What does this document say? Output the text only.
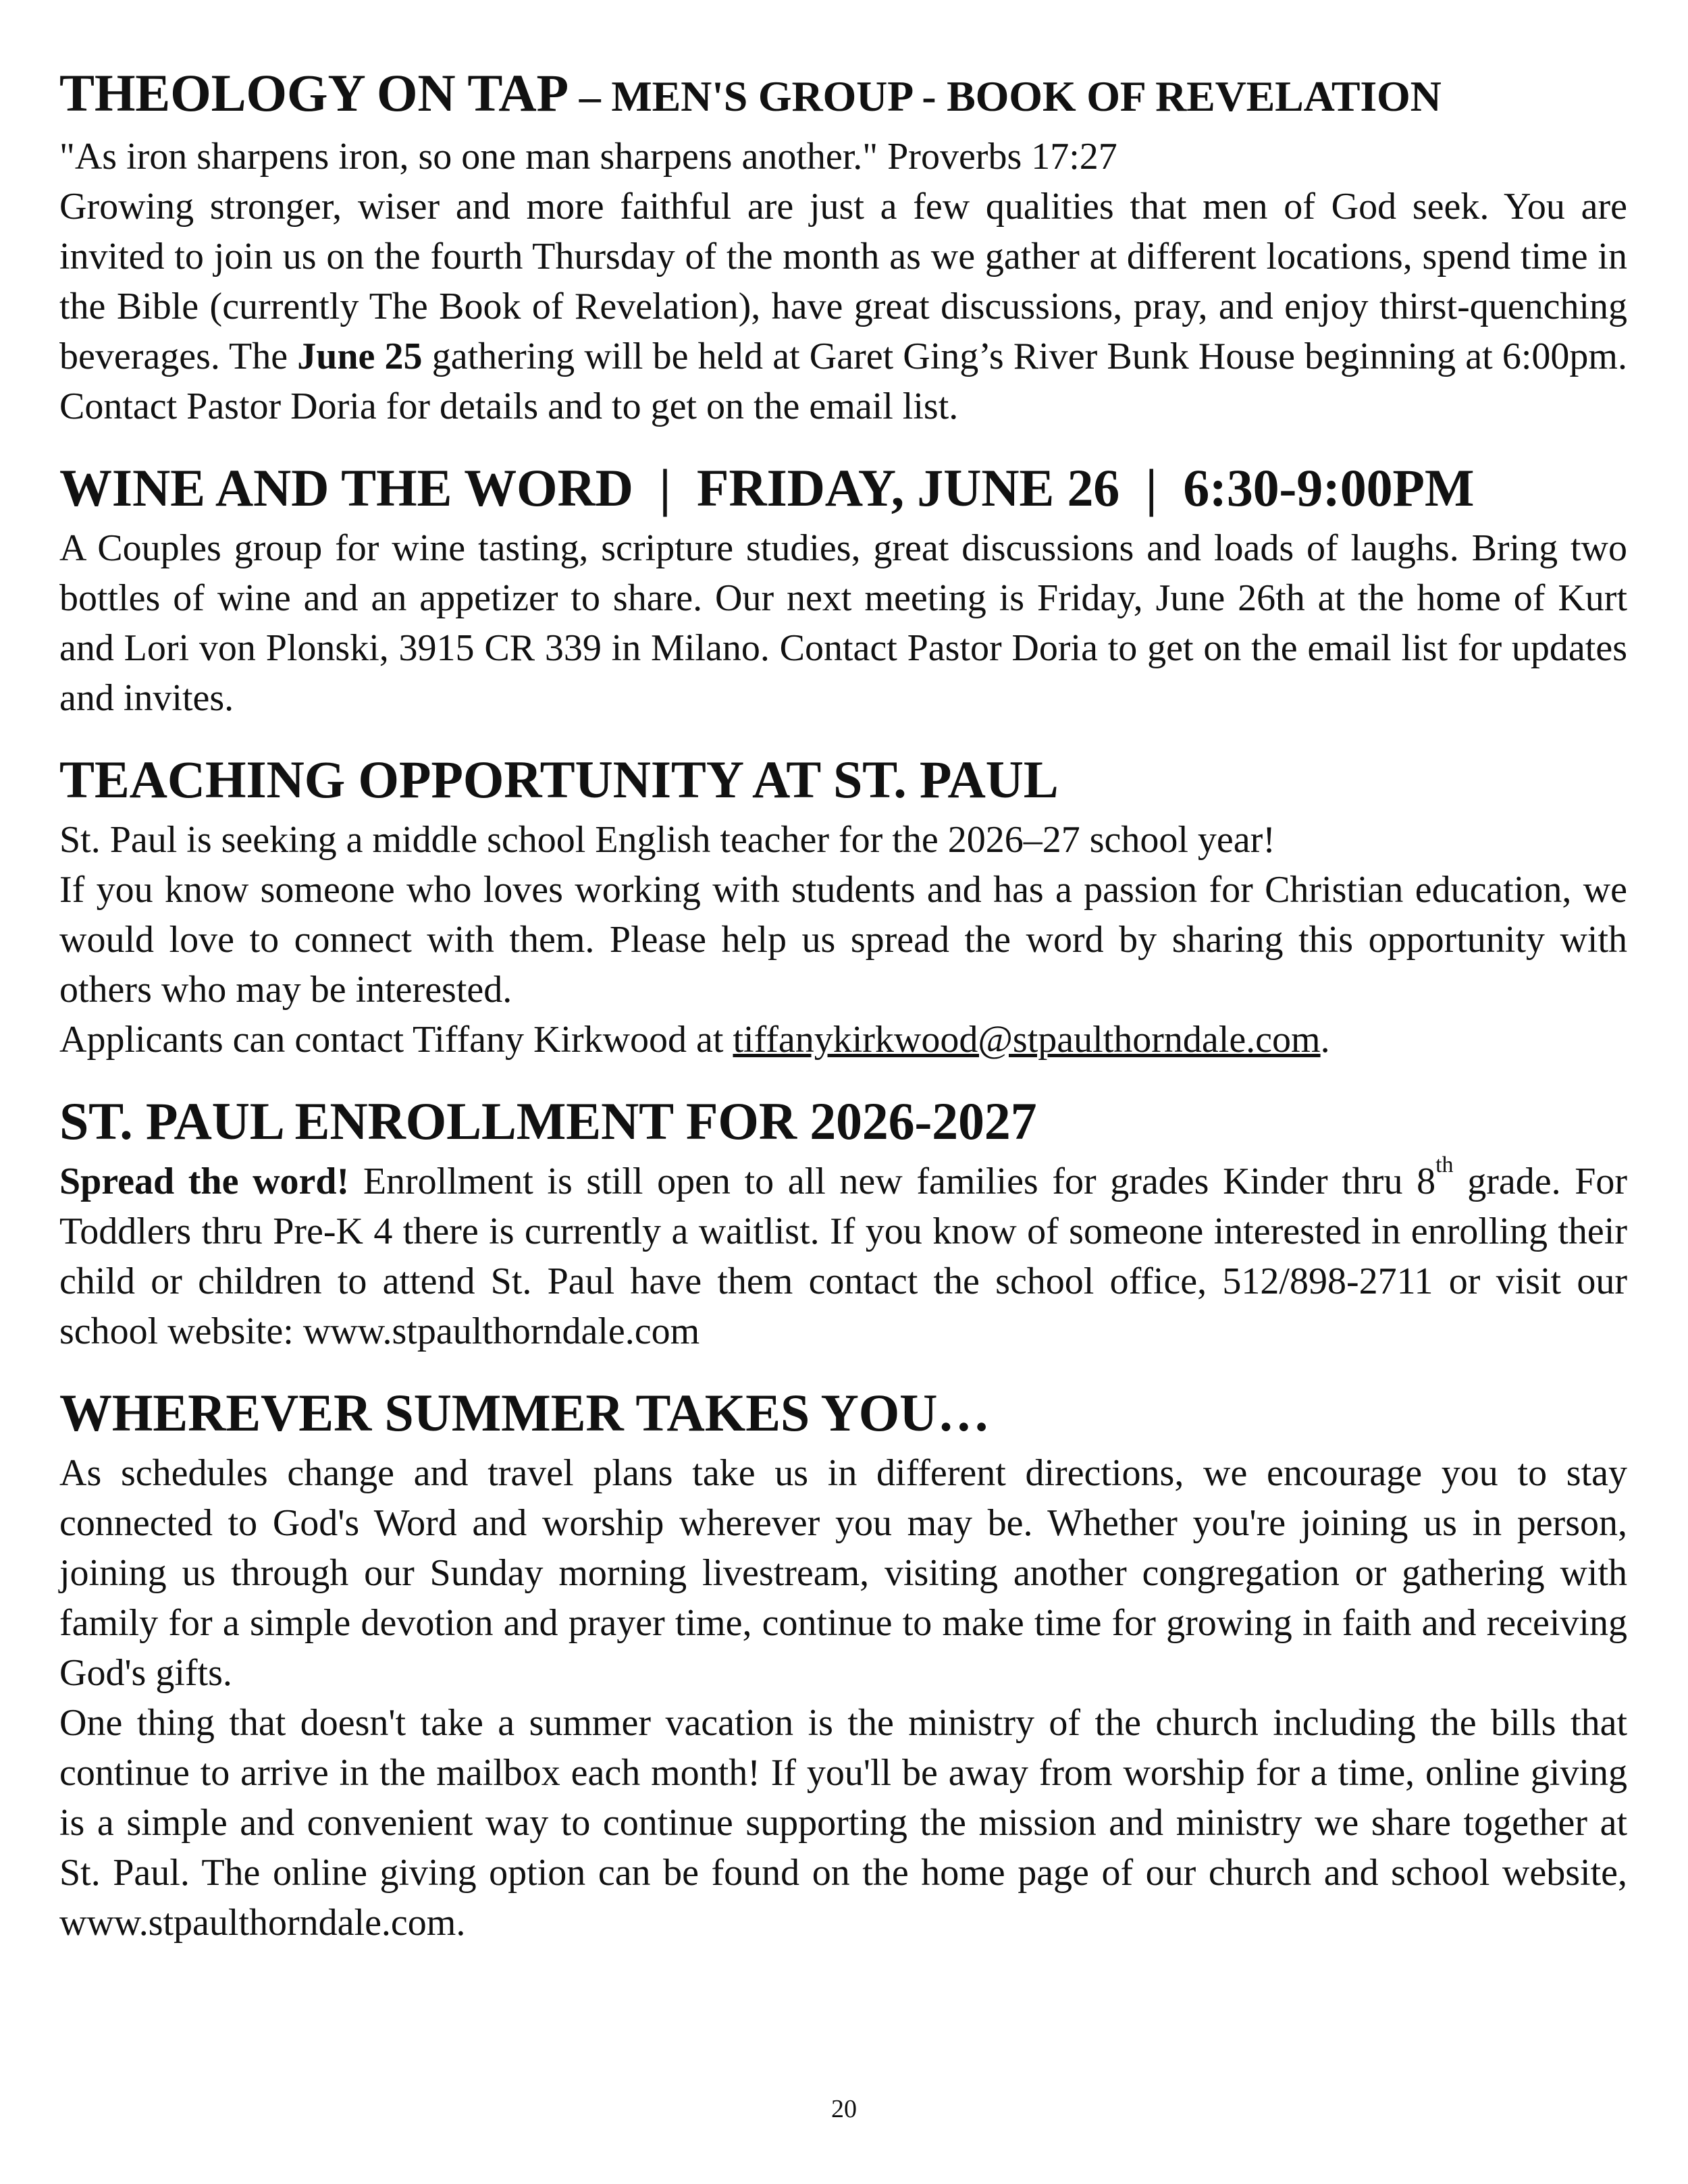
THEOLOGY ON TAP – MEN'S GROUP - BOOK OF REVELATION

"As iron sharpens iron, so one man sharpens another." Proverbs 17:27

Growing stronger, wiser and more faithful are just a few qualities that men of God seek. You are invited to join us on the fourth Thursday of the month as we gather at different locations, spend time in the Bible (currently The Book of Revelation), have great discussions, pray, and enjoy thirst-quenching beverages. The June 25 gathering will be held at Garet Ging’s River Bunk House beginning at 6:00pm. Contact Pastor Doria for details and to get on the email list.

WINE AND THE WORD  |  FRIDAY, JUNE 26  |  6:30-9:00PM

A Couples group for wine tasting, scripture studies, great discussions and loads of laughs. Bring two bottles of wine and an appetizer to share. Our next meeting is Friday, June 26th at the home of Kurt and Lori von Plonski, 3915 CR 339 in Milano. Contact Pastor Doria to get on the email list for updates and invites.

TEACHING OPPORTUNITY AT ST. PAUL

St. Paul is seeking a middle school English teacher for the 2026–27 school year!

If you know someone who loves working with students and has a passion for Christian education, we would love to connect with them. Please help us spread the word by sharing this opportunity with others who may be interested.

Applicants can contact Tiffany Kirkwood at tiffanykirkwood@stpaulthorndale.com.

ST. PAUL ENROLLMENT FOR 2026-2027

Spread the word! Enrollment is still open to all new families for grades Kinder thru 8th grade. For Toddlers thru Pre-K 4 there is currently a waitlist. If you know of someone interested in enrolling their child or children to attend St. Paul have them contact the school office, 512/898-2711 or visit our school website: www.stpaulthorndale.com

WHEREVER SUMMER TAKES YOU…

As schedules change and travel plans take us in different directions, we encourage you to stay connected to God's Word and worship wherever you may be. Whether you're joining us in person, joining us through our Sunday morning livestream, visiting another congregation or gathering with family for a simple devotion and prayer time, continue to make time for growing in faith and receiving God's gifts.

One thing that doesn't take a summer vacation is the ministry of the church including the bills that continue to arrive in the mailbox each month! If you'll be away from worship for a time, online giving is a simple and convenient way to continue supporting the mission and ministry we share together at St. Paul. The online giving option can be found on the home page of our church and school website, www.stpaulthorndale.com.

20
